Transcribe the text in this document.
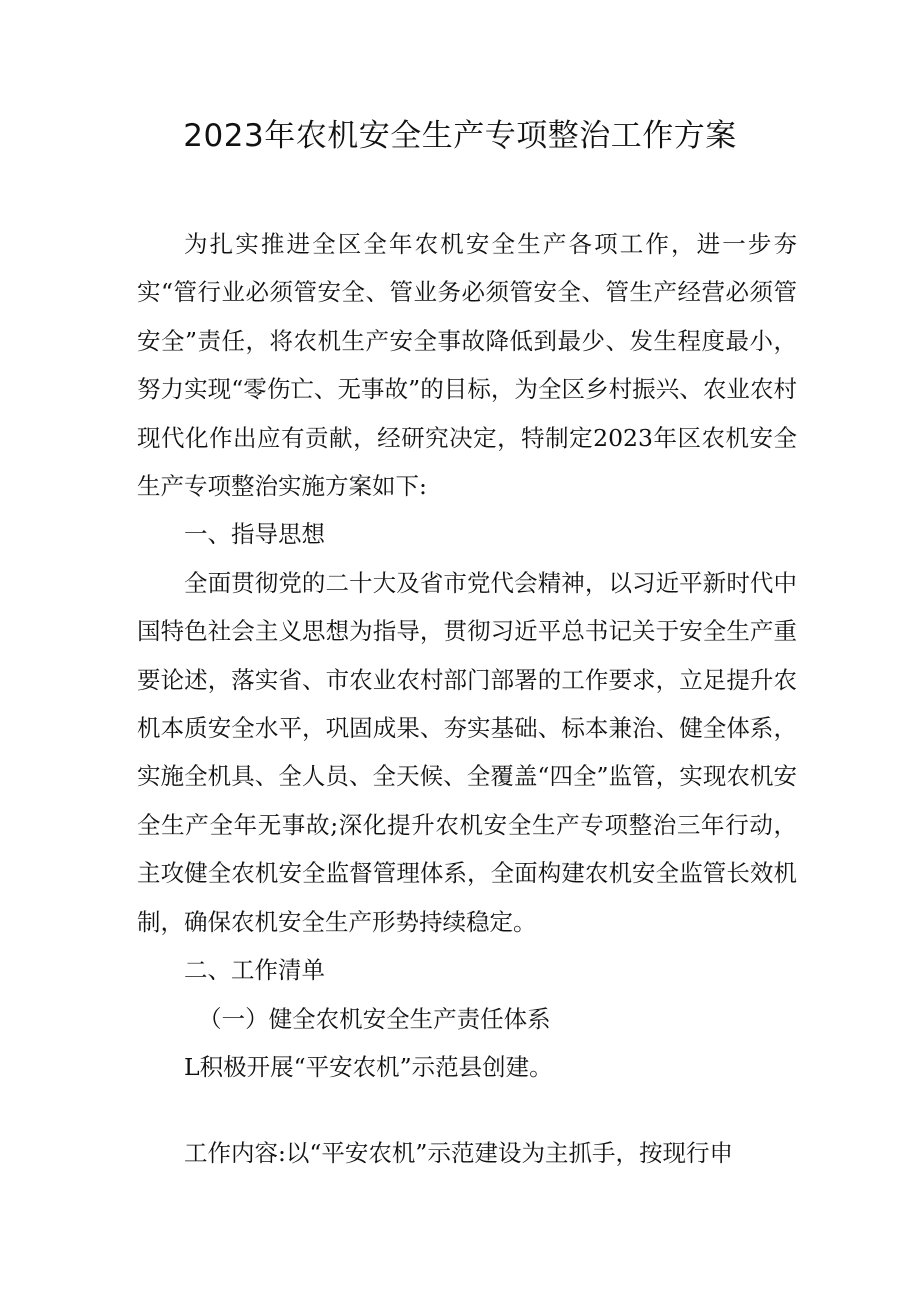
2023年农机安全生产专项整治工作方案

为扎实推进全区全年农机安全生产各项工作，进一步夯实“管行业必须管安全、管业务必须管安全、管生产经营必须管安全”责任，将农机生产安全事故降低到最少、发生程度最小，努力实现“零伤亡、无事故”的目标，为全区乡村振兴、农业农村现代化作出应有贡献，经研究决定，特制定2023年区农机安全生产专项整治实施方案如下:

一、指导思想

全面贯彻党的二十大及省市党代会精神，以习近平新时代中国特色社会主义思想为指导，贯彻习近平总书记关于安全生产重要论述，落实省、市农业农村部门部署的工作要求，立足提升农机本质安全水平，巩固成果、夯实基础、标本兼治、健全体系，实施全机具、全人员、全天候、全覆盖“四全”监管，实现农机安全生产全年无事故;深化提升农机安全生产专项整治三年行动，主攻健全农机安全监督管理体系，全面构建农机安全监管长效机制，确保农机安全生产形势持续稳定。

二、工作清单

（一）健全农机安全生产责任体系

L积极开展“平安农机”示范县创建。

工作内容:以“平安农机”示范建设为主抓手，按现行申
